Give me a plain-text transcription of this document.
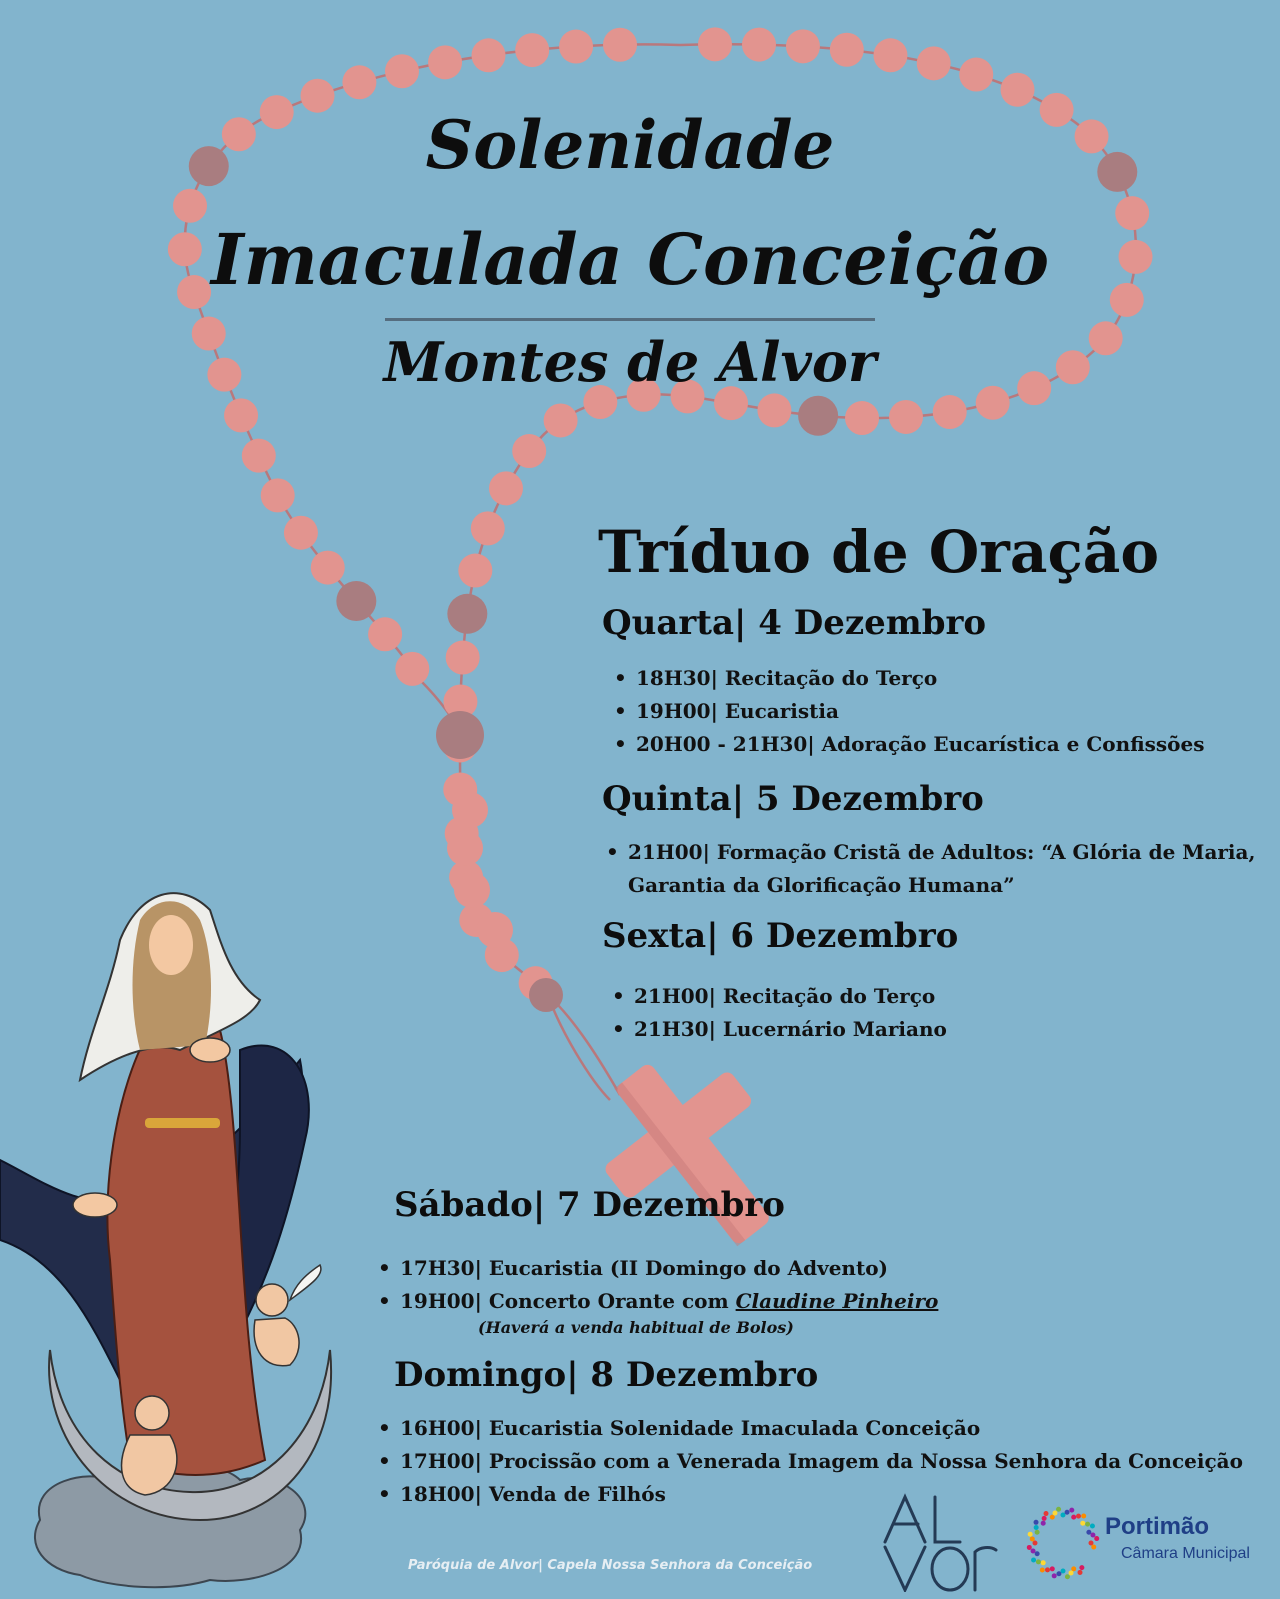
Solenidade
Imaculada Conceição
Montes de Alvor
Tríduo de Oração
Quarta| 4 Dezembro
• 18H30 | Recitação do Terço
• 19H00 | Eucaristia
• 20H00 - 21H30 | Adoração Eucarística e Confissões
Quinta| 5 Dezembro
• 21H00 | Formação Cristã de Adultos: “A Glória de Maria,
Garantia da Glorificação Humana”
Sexta| 6 Dezembro
• 21H00 | Recitação do Terço
• 21H30 | Lucernário Mariano
Sábado| 7 Dezembro
• 17H30 | Eucaristia (II Domingo do Advento)
• 19H00 | Concerto Orante com Claudine Pinheiro
(Haverá a venda habitual de Bolos)
Domingo| 8 Dezembro
• 16H00 | Eucaristia Solenidade Imaculada Conceição
• 17H00 | Procissão com a Venerada Imagem da Nossa Senhora da Conceição
• 18H00 | Venda de Filhós
Paróquia de Alvor| Capela Nossa Senhora da Conceição
Portimão
Câmara Municipal
